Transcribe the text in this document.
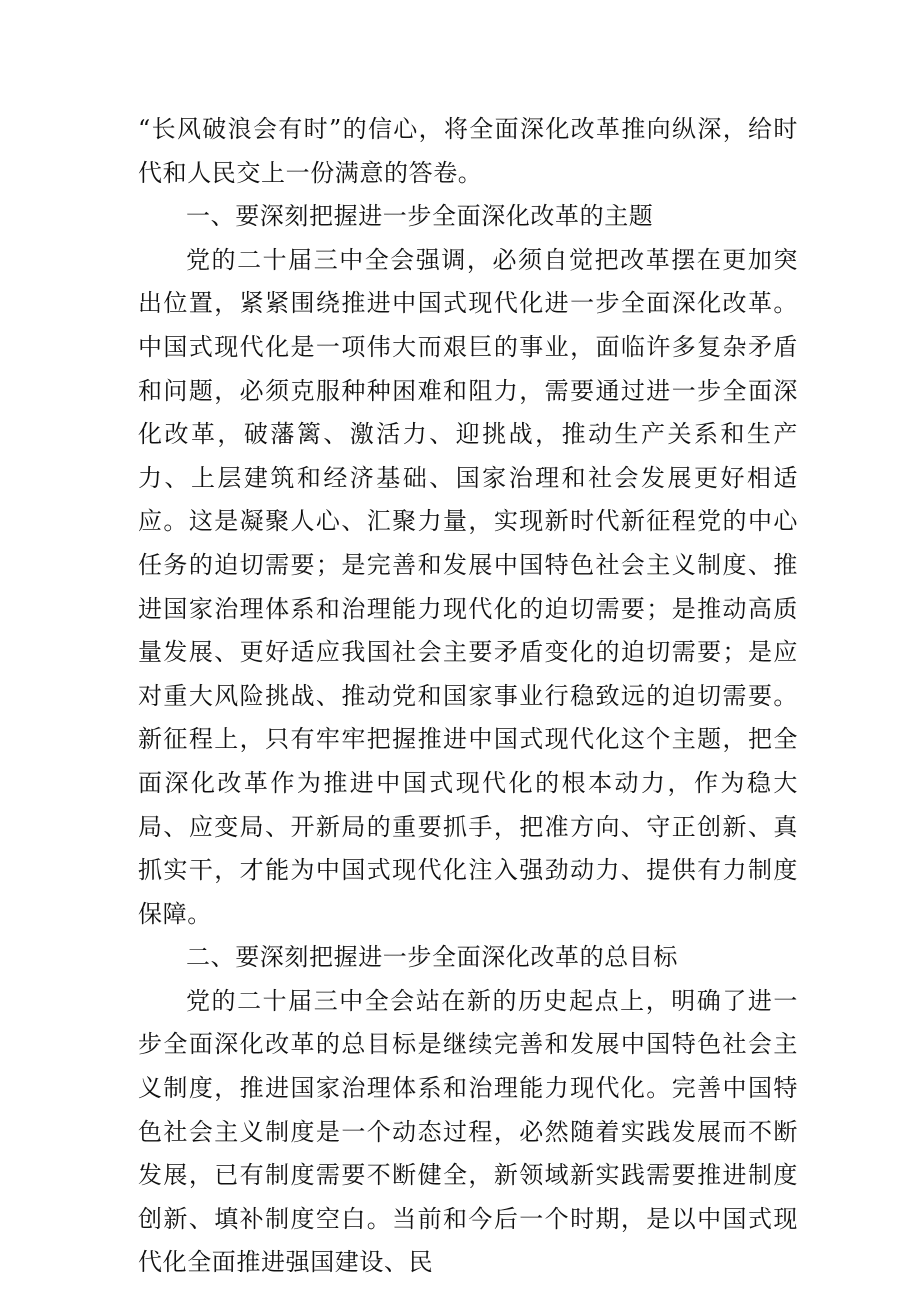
“长风破浪会有时”的信心，将全面深化改革推向纵深，给时代和人民交上一份满意的答卷。

一、要深刻把握进一步全面深化改革的主题

党的二十届三中全会强调，必须自觉把改革摆在更加突出位置，紧紧围绕推进中国式现代化进一步全面深化改革。中国式现代化是一项伟大而艰巨的事业，面临许多复杂矛盾和问题，必须克服种种困难和阻力，需要通过进一步全面深化改革，破藩篱、激活力、迎挑战，推动生产关系和生产力、上层建筑和经济基础、国家治理和社会发展更好相适应。这是凝聚人心、汇聚力量，实现新时代新征程党的中心任务的迫切需要；是完善和发展中国特色社会主义制度、推进国家治理体系和治理能力现代化的迫切需要；是推动高质量发展、更好适应我国社会主要矛盾变化的迫切需要；是应对重大风险挑战、推动党和国家事业行稳致远的迫切需要。新征程上，只有牢牢把握推进中国式现代化这个主题，把全面深化改革作为推进中国式现代化的根本动力，作为稳大局、应变局、开新局的重要抓手，把准方向、守正创新、真抓实干，才能为中国式现代化注入强劲动力、提供有力制度保障。

二、要深刻把握进一步全面深化改革的总目标

党的二十届三中全会站在新的历史起点上，明确了进一步全面深化改革的总目标是继续完善和发展中国特色社会主义制度，推进国家治理体系和治理能力现代化。完善中国特色社会主义制度是一个动态过程，必然随着实践发展而不断发展，已有制度需要不断健全，新领域新实践需要推进制度创新、填补制度空白。当前和今后一个时期，是以中国式现代化全面推进强国建设、民
